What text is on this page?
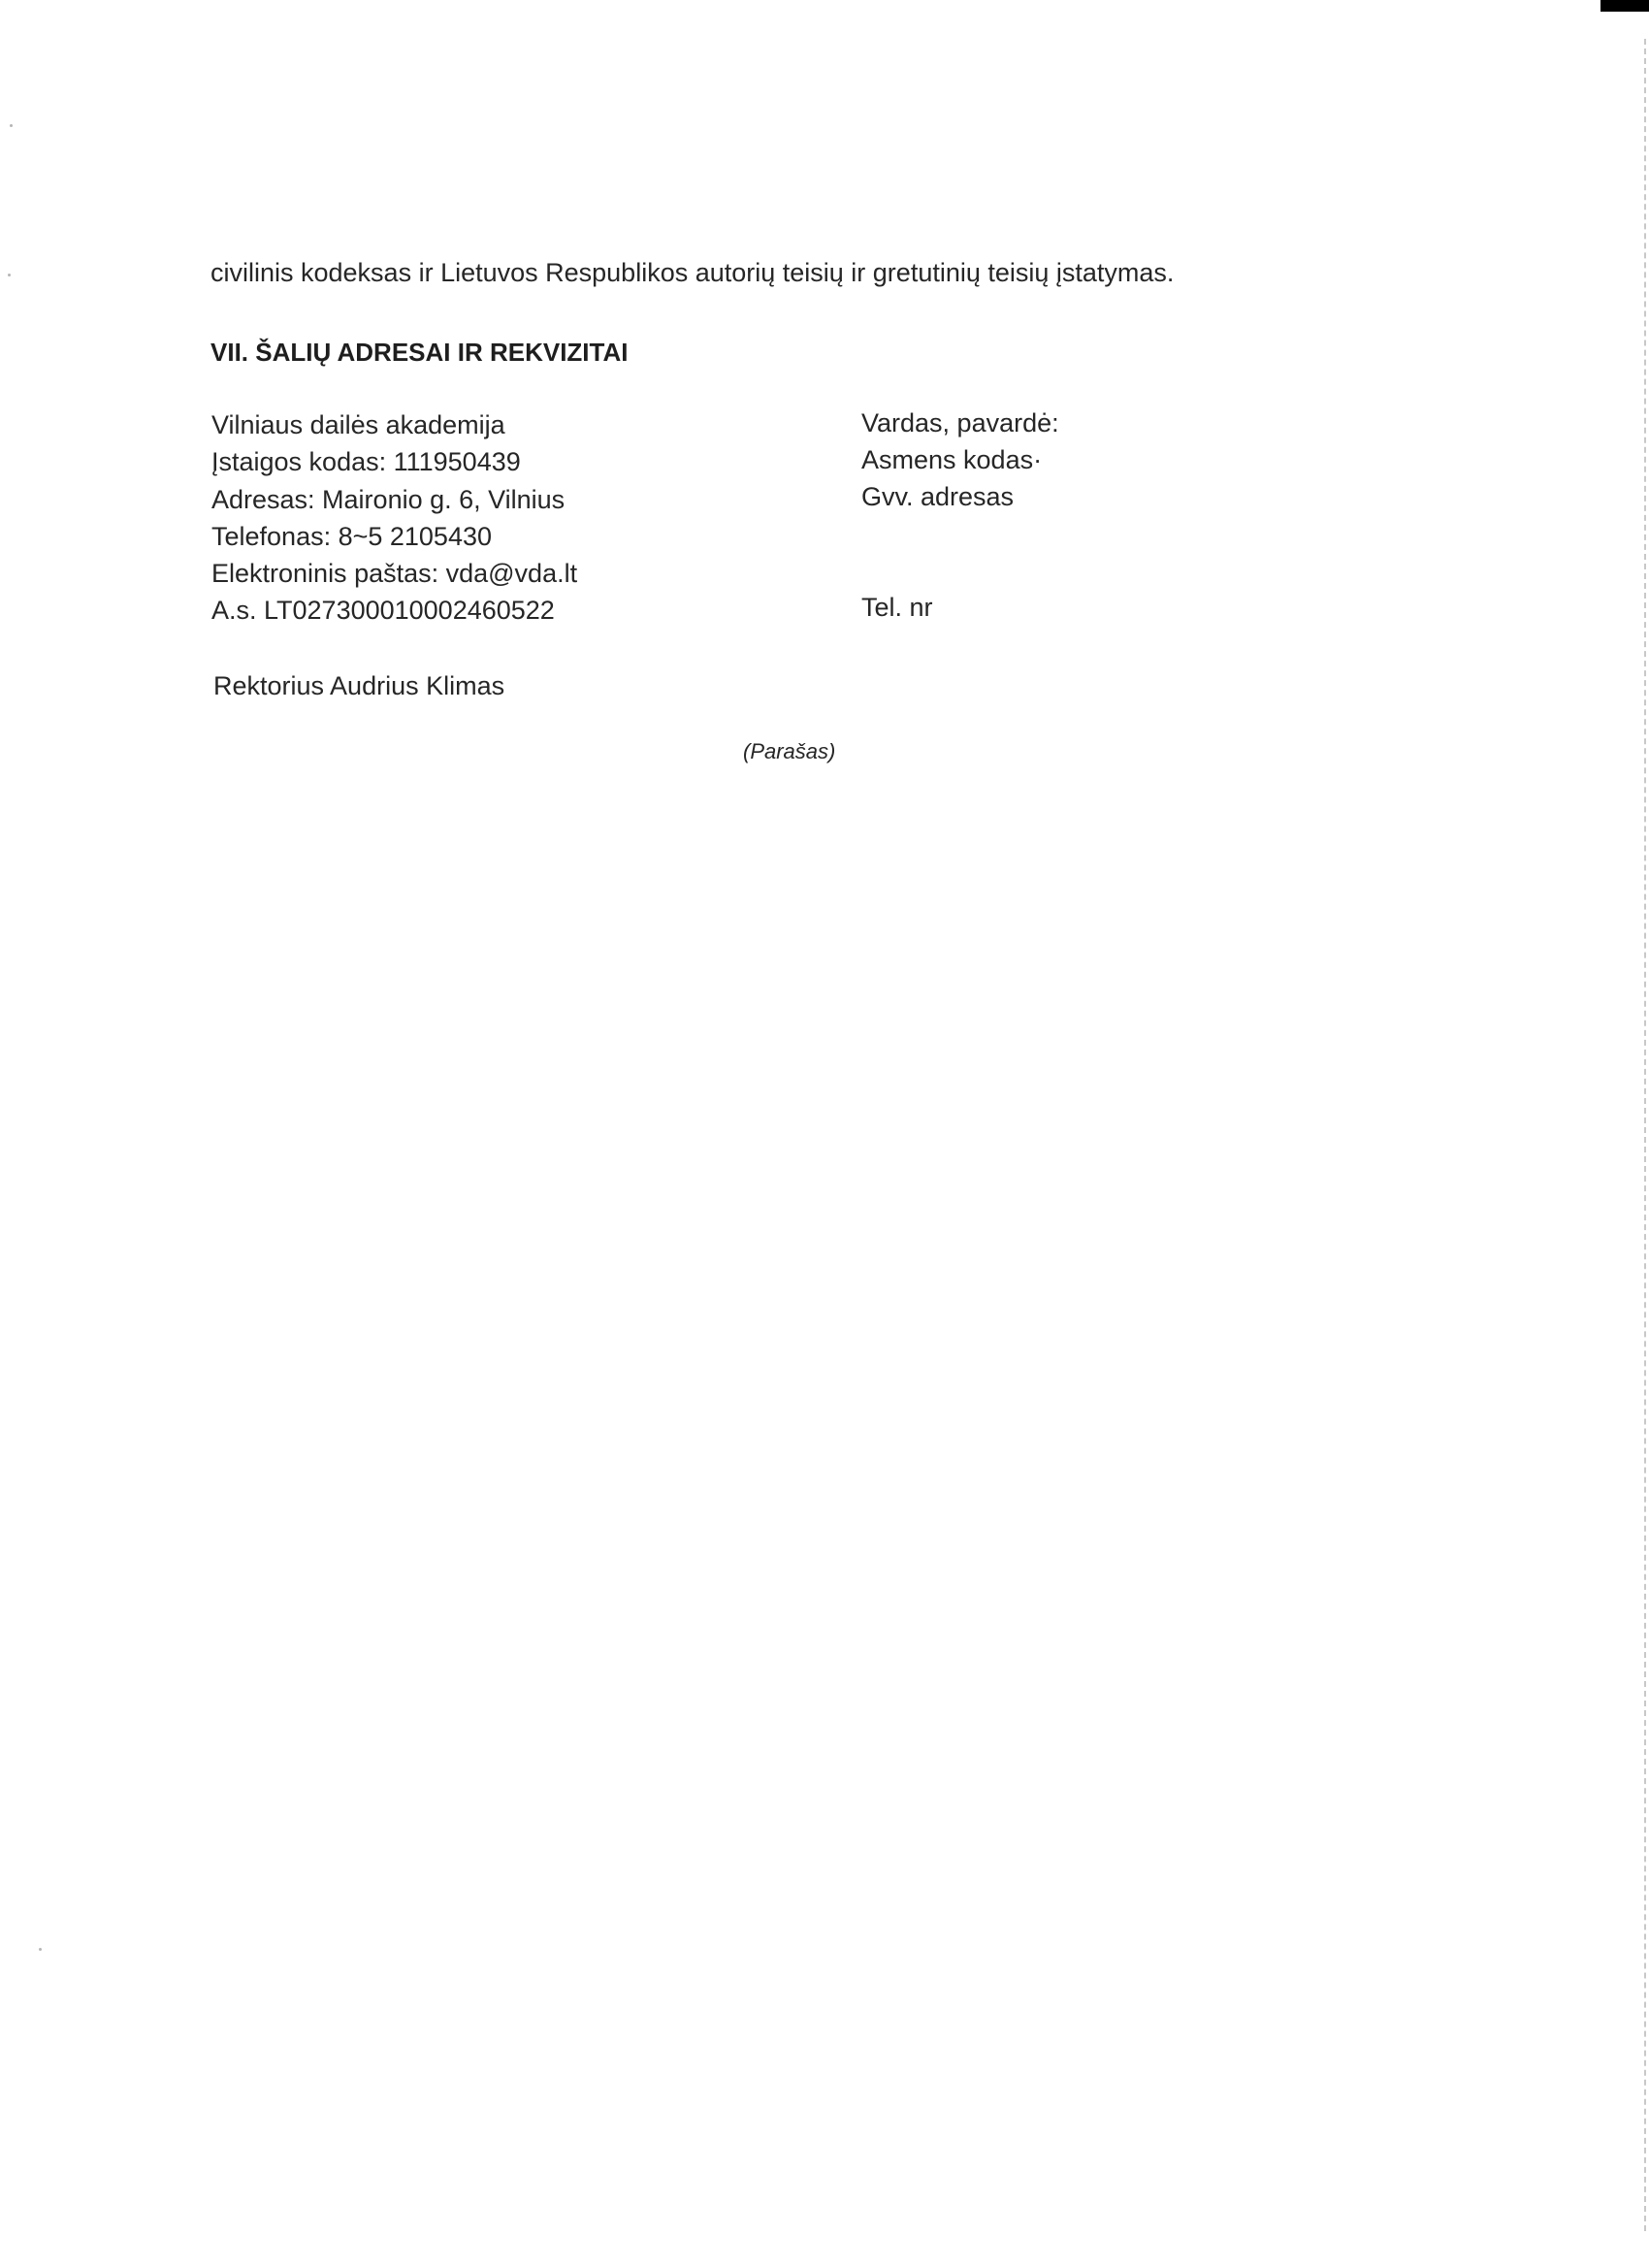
civilinis kodeksas ir Lietuvos Respublikos autorių teisių ir gretutinių teisių įstatymas.
VII. ŠALIŲ ADRESAI IR REKVIZITAI
Vilniaus dailės akademija
Įstaigos kodas: 111950439
Adresas: Maironio g. 6, Vilnius
Telefonas: 8~5 2105430
Elektroninis paštas: vda@vda.lt
A.s. LT027300010002460522
Vardas, pavardė:
Asmens kodas·
Gvv. adresas
Tel. nr
Rektorius Audrius Klimas
(Parašas)
